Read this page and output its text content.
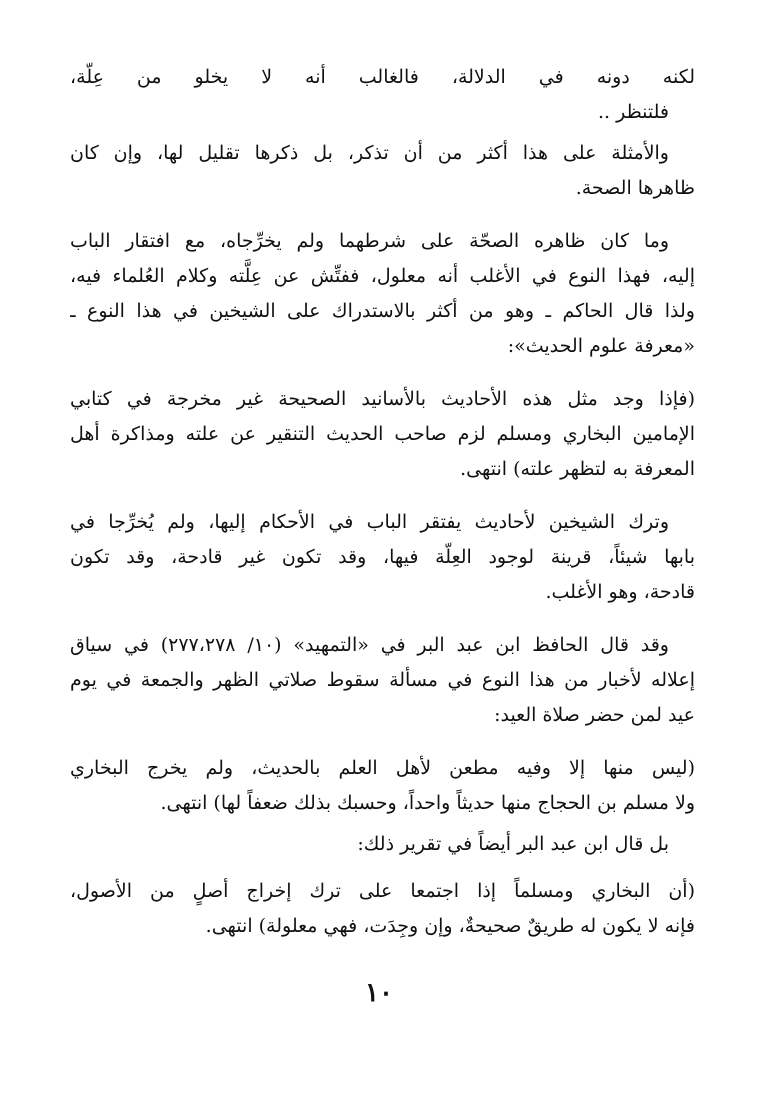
لكنه دونه في الدلالة، فالغالب أنه لا يخلو من عِلّة،
فلتنظر ..
والأمثلة على هذا أكثر من أن تذكر، بل ذكرها تقليل لها، وإن كان
ظاهرها الصحة.
وما كان ظاهره الصحّة على شرطهما ولم يخرِّجاه، مع افتقار الباب
إليه، فهذا النوع في الأغلب أنه معلول، ففتِّش عن عِلَّته وكلام العُلماء فيه،
ولذا قال الحاكم ـ وهو من أكثر بالاستدراك على الشيخين في هذا النوع ـ
«معرفة علوم الحديث»:
(فإذا وجد مثل هذه الأحاديث بالأسانيد الصحيحة غير مخرجة في كتابي
الإمامين البخاري ومسلم لزم صاحب الحديث التنقير عن علته ومذاكرة أهل
المعرفة به لتظهر علته) انتهى.
وترك الشيخين لأحاديث يفتقر الباب في الأحكام إليها، ولم يُخرِّجا في
بابها شيئاً، قرينة لوجود العِلّة فيها، وقد تكون غير قادحة، وقد تكون
قادحة، وهو الأغلب.
وقد قال الحافظ ابن عبد البر في «التمهيد» (١٠/ ٢٧٧،٢٧٨) في سياق
إعلاله لأخبار من هذا النوع في مسألة سقوط صلاتي الظهر والجمعة في يوم
عيد لمن حضر صلاة العيد:
(ليس منها إلا وفيه مطعن لأهل العلم بالحديث، ولم يخرج البخاري
ولا مسلم بن الحجاج منها حديثاً واحداً، وحسبك بذلك ضعفاً لها) انتهى.
بل قال ابن عبد البر أيضاً في تقرير ذلك:
(أن البخاري ومسلماً إذا اجتمعا على ترك إخراج أصلٍ من الأصول،
فإنه لا يكون له طريقٌ صحيحةٌ، وإن وجِدَت، فهي معلولة) انتهى.
١٠
